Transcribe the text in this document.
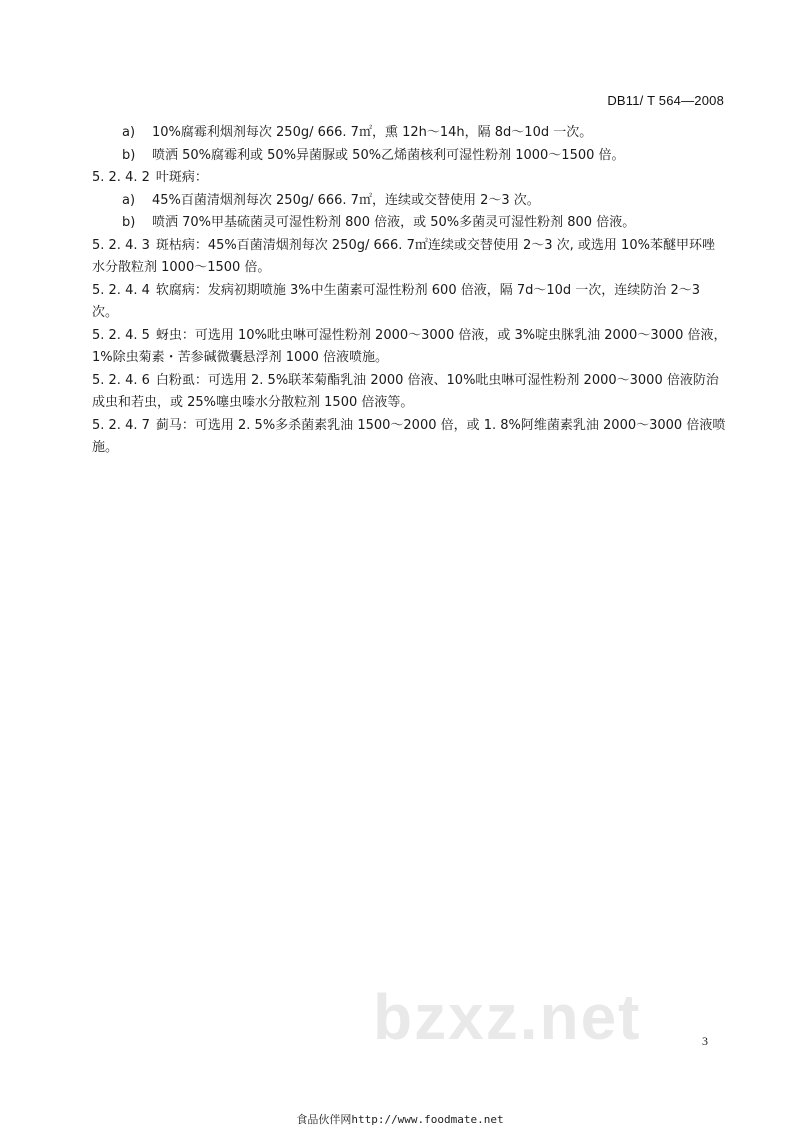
DB11/ T 564—2008
a) 10%腐霉利烟剂每次 250g/ 666. 7㎡，熏 12h～14h，隔 8d～10d 一次。
b) 喷洒 50%腐霉利或 50%异菌脲或 50%乙烯菌核利可湿性粉剂 1000～1500 倍。
5. 2. 4. 2 叶斑病：
a) 45%百菌清烟剂每次 250g/ 666. 7㎡，连续或交替使用 2～3 次。
b) 喷洒 70%甲基硫菌灵可湿性粉剂 800 倍液，或 50%多菌灵可湿性粉剂 800 倍液。
5. 2. 4. 3 斑枯病：45%百菌清烟剂每次 250g/ 666. 7㎡连续或交替使用 2～3 次, 或选用 10%苯醚甲环唑
水分散粒剂 1000～1500 倍。
5. 2. 4. 4 软腐病：发病初期喷施 3%中生菌素可湿性粉剂 600 倍液，隔 7d～10d 一次，连续防治 2～3
次。
5. 2. 4. 5 蚜虫：可选用 10%吡虫啉可湿性粉剂 2000～3000 倍液，或 3%啶虫脒乳油 2000～3000 倍液，
1%除虫菊素・苦参碱微囊悬浮剂 1000 倍液喷施。
5. 2. 4. 6 白粉虱：可选用 2. 5%联苯菊酯乳油 2000 倍液、10%吡虫啉可湿性粉剂 2000～3000 倍液防治
成虫和若虫，或 25%噻虫嗪水分散粒剂 1500 倍液等。
5. 2. 4. 7 蓟马：可选用 2. 5%多杀菌素乳油 1500～2000 倍，或 1. 8%阿维菌素乳油 2000～3000 倍液喷
施。
bzxz.net	3
食品伙伴网http://www.foodmate.net
